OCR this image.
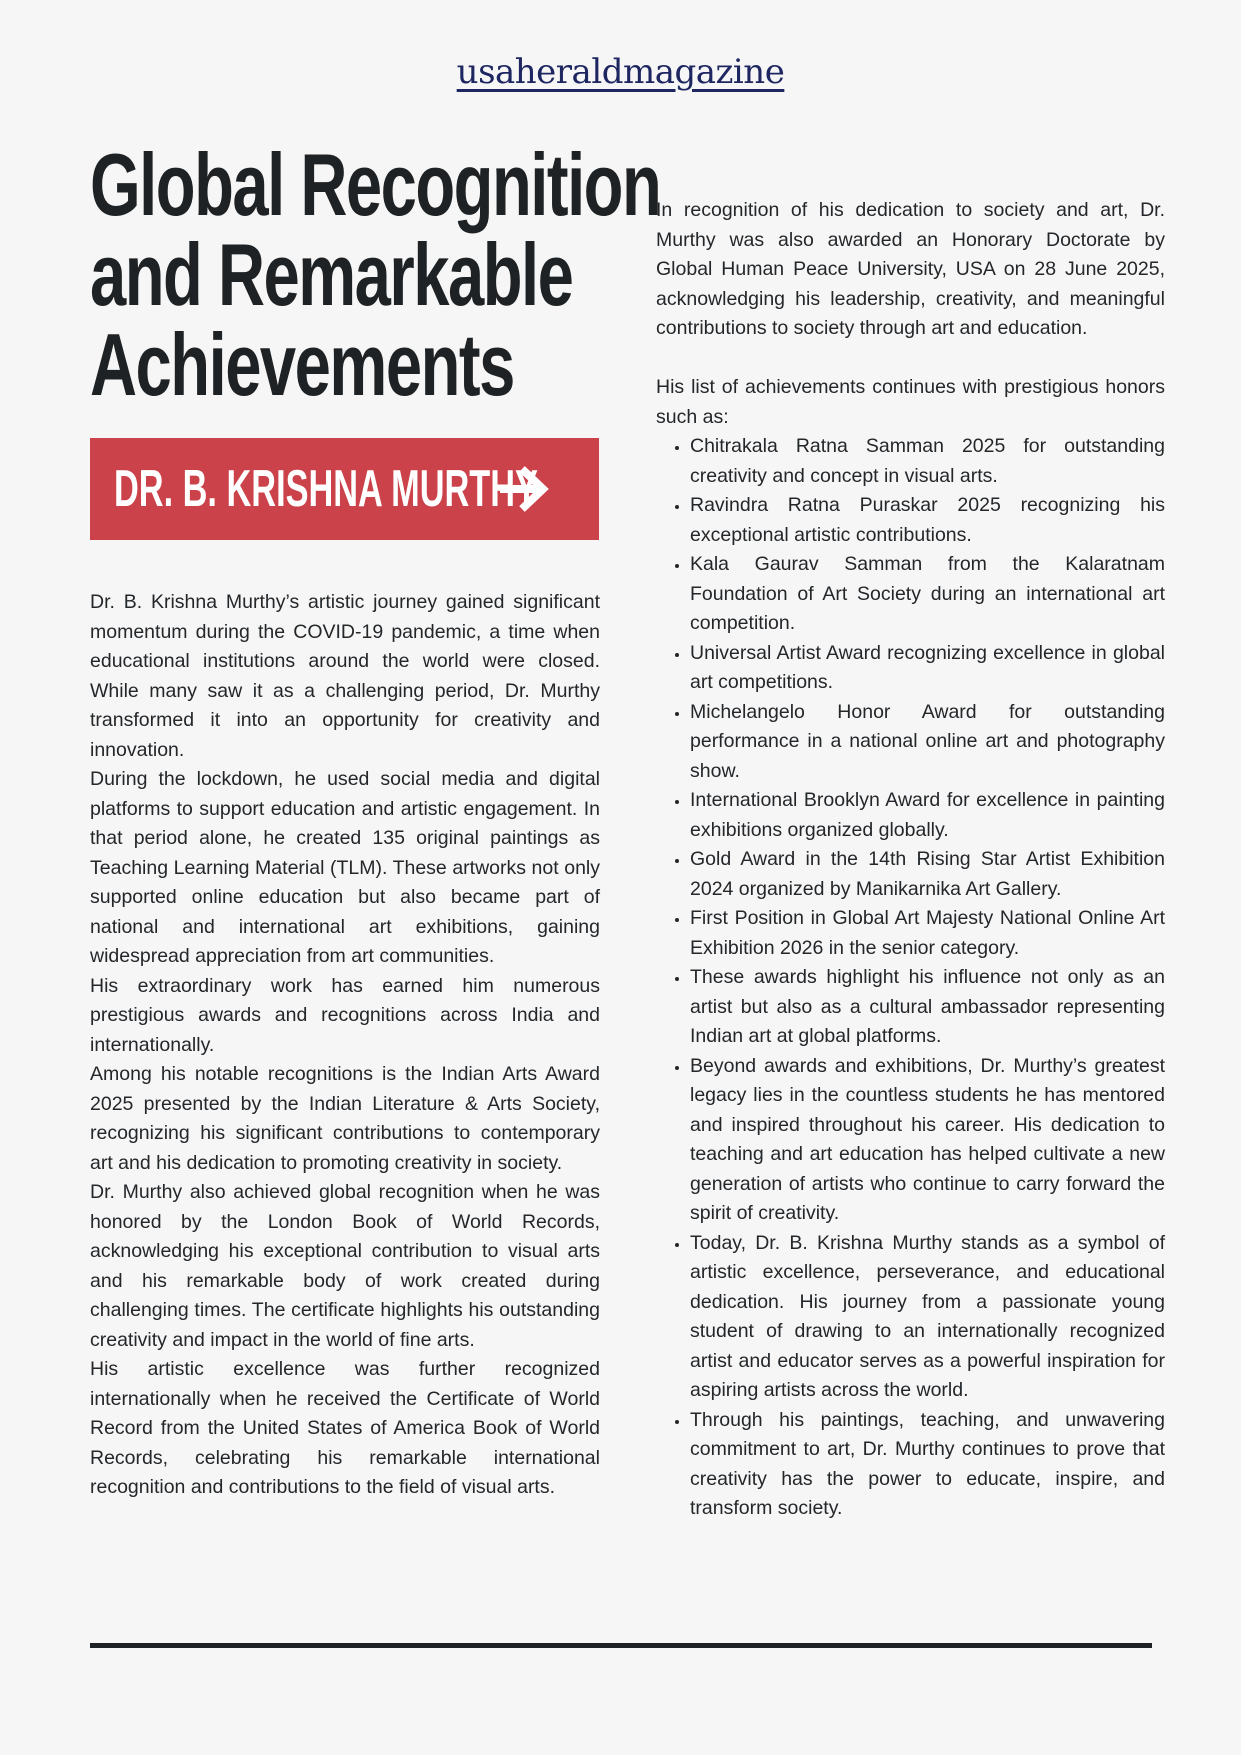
usaheraldmagazine
Global Recognition
and Remarkable
Achievements
DR. B. KRISHNA MURTHY

Dr. B. Krishna Murthy’s artistic journey gained significant momentum during the COVID-19 pandemic, a time when educational institutions around the world were closed. While many saw it as a challenging period, Dr. Murthy transformed it into an opportunity for creativity and innovation.

During the lockdown, he used social media and digital platforms to support education and artistic engagement. In that period alone, he created 135 original paintings as Teaching Learning Material (TLM). These artworks not only supported online education but also became part of national and international art exhibitions, gaining widespread appreciation from art communities.

His extraordinary work has earned him numerous prestigious awards and recognitions across India and internationally.

Among his notable recognitions is the Indian Arts Award 2025 presented by the Indian Literature & Arts Society, recognizing his significant contributions to contemporary art and his dedication to promoting creativity in society.

Dr. Murthy also achieved global recognition when he was honored by the London Book of World Records, acknowledging his exceptional contribution to visual arts and his remarkable body of work created during challenging times. The certificate highlights his outstanding creativity and impact in the world of fine arts.

His artistic excellence was further recognized internationally when he received the Certificate of World Record from the United States of America Book of World Records, celebrating his remarkable international recognition and contributions to the field of visual arts.

In recognition of his dedication to society and art, Dr. Murthy was also awarded an Honorary Doctorate by Global Human Peace University, USA on 28 June 2025, acknowledging his leadership, creativity, and meaningful contributions to society through art and education.

His list of achievements continues with prestigious honors such as:

• Chitrakala Ratna Samman 2025 for outstanding creativity and concept in visual arts.
• Ravindra Ratna Puraskar 2025 recognizing his exceptional artistic contributions.
• Kala Gaurav Samman from the Kalaratnam Foundation of Art Society during an international art competition.
• Universal Artist Award recognizing excellence in global art competitions.
• Michelangelo Honor Award for outstanding performance in a national online art and photography show.
• International Brooklyn Award for excellence in painting exhibitions organized globally.
• Gold Award in the 14th Rising Star Artist Exhibition 2024 organized by Manikarnika Art Gallery.
• First Position in Global Art Majesty National Online Art Exhibition 2026 in the senior category.
• These awards highlight his influence not only as an artist but also as a cultural ambassador representing Indian art at global platforms.
• Beyond awards and exhibitions, Dr. Murthy’s greatest legacy lies in the countless students he has mentored and inspired throughout his career. His dedication to teaching and art education has helped cultivate a new generation of artists who continue to carry forward the spirit of creativity.
• Today, Dr. B. Krishna Murthy stands as a symbol of artistic excellence, perseverance, and educational dedication. His journey from a passionate young student of drawing to an internationally recognized artist and educator serves as a powerful inspiration for aspiring artists across the world.
• Through his paintings, teaching, and unwavering commitment to art, Dr. Murthy continues to prove that creativity has the power to educate, inspire, and transform society.
